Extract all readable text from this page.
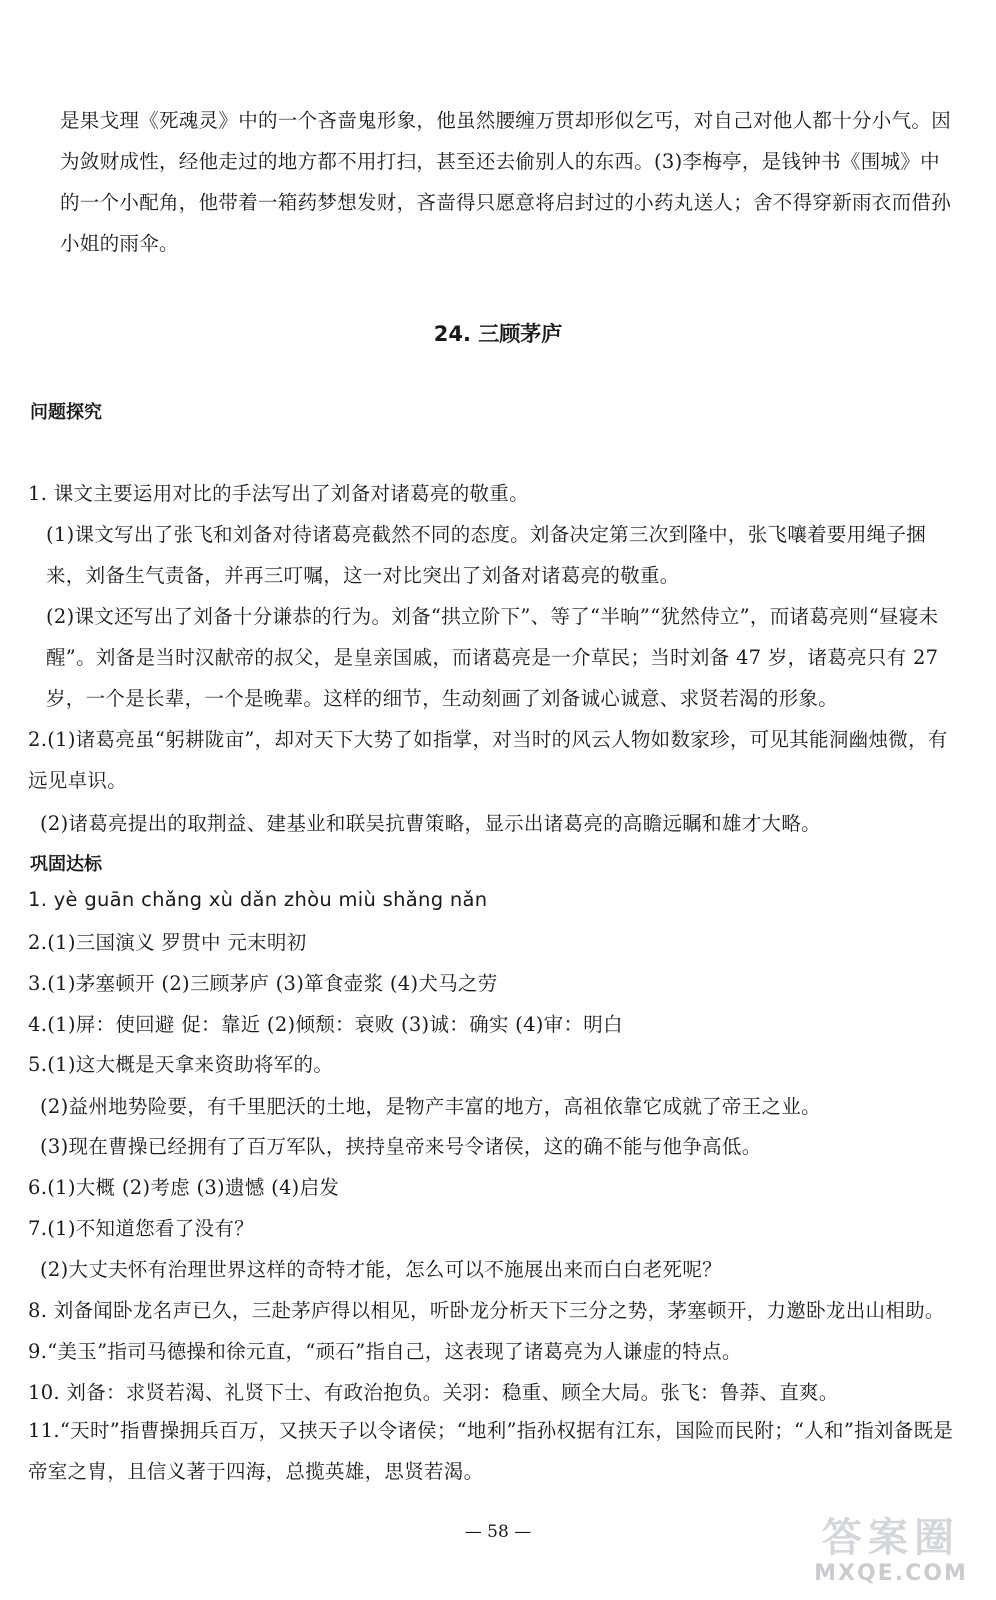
是果戈理《死魂灵》中的一个吝啬鬼形象，他虽然腰缠万贯却形似乞丐，对自己对他人都十分小气。因为敛财成性，经他走过的地方都不用打扫，甚至还去偷别人的东西。(3)李梅亭，是钱钟书《围城》中的一个小配角，他带着一箱药梦想发财，吝啬得只愿意将启封过的小药丸送人；舍不得穿新雨衣而借孙小姐的雨伞。
24. 三顾茅庐
问题探究
1. 课文主要运用对比的手法写出了刘备对诸葛亮的敬重。
(1)课文写出了张飞和刘备对待诸葛亮截然不同的态度。刘备决定第三次到隆中，张飞嚷着要用绳子捆来，刘备生气责备，并再三叮嘱，这一对比突出了刘备对诸葛亮的敬重。
(2)课文还写出了刘备十分谦恭的行为。刘备“拱立阶下”、等了“半晌”“犹然侍立”，而诸葛亮则“昼寝未醒”。刘备是当时汉献帝的叔父，是皇亲国戚，而诸葛亮是一介草民；当时刘备 47 岁，诸葛亮只有 27 岁，一个是长辈，一个是晚辈。这样的细节，生动刻画了刘备诚心诚意、求贤若渴的形象。
2.(1)诸葛亮虽“躬耕陇亩”，却对天下大势了如指掌，对当时的风云人物如数家珍，可见其能洞幽烛微，有远见卓识。
(2)诸葛亮提出的取荆益、建基业和联吴抗曹策略，显示出诸葛亮的高瞻远瞩和雄才大略。
巩固达标
1. yè guān chǎng xù dǎn zhòu miù shǎng nǎn
2.(1)三国演义 罗贯中 元末明初
3.(1)茅塞顿开 (2)三顾茅庐 (3)箪食壶浆 (4)犬马之劳
4.(1)屏：使回避 促：靠近 (2)倾颓：衰败 (3)诚：确实 (4)审：明白
5.(1)这大概是天拿来资助将军的。
(2)益州地势险要，有千里肥沃的土地，是物产丰富的地方，高祖依靠它成就了帝王之业。
(3)现在曹操已经拥有了百万军队，挟持皇帝来号令诸侯，这的确不能与他争高低。
6.(1)大概 (2)考虑 (3)遗憾 (4)启发
7.(1)不知道您看了没有？
(2)大丈夫怀有治理世界这样的奇特才能，怎么可以不施展出来而白白老死呢？
8. 刘备闻卧龙名声已久，三赴茅庐得以相见，听卧龙分析天下三分之势，茅塞顿开，力邀卧龙出山相助。
9.“美玉”指司马德操和徐元直，“顽石”指自己，这表现了诸葛亮为人谦虚的特点。
10. 刘备：求贤若渴、礼贤下士、有政治抱负。关羽：稳重、顾全大局。张飞：鲁莽、直爽。
11.“天时”指曹操拥兵百万，又挟天子以令诸侯；“地利”指孙权据有江东，国险而民附；“人和”指刘备既是帝室之胄，且信义著于四海，总揽英雄，思贤若渴。
— 58 —	答案圈
MXQE.COM
